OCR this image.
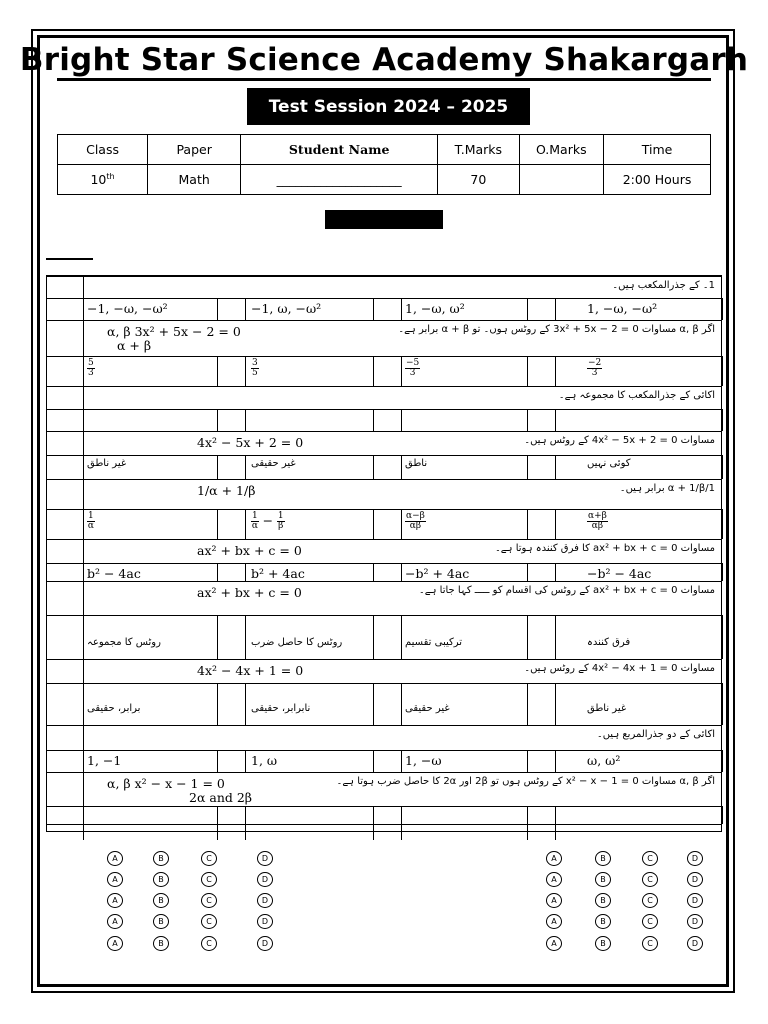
Bright Star Science Academy Shakargarh
Test Session 2024 – 2025
Class	Paper	Student Name	T.Marks	O.Marks	Time
10th	Math	____________________	70		2:00 Hours
1۔ کے جذرالمکعب ہیں۔
−1, −ω, −ω²	−1, ω, −ω²	1, −ω, ω²	1, −ω, −ω²
اگر α, β مساوات 0 = 2 − 3x² + 5x کے روٹس ہوں۔ تو α + β برابر ہے۔
α, β 3x² + 5x − 2 = 0
α + β
$\frac{5}{3}$	$\frac{3}{5}$	$\frac{-5}{3}$	$\frac{-2}{3}$
اکائی کے جذرالمکعب کا مجموعہ ہے۔
مساوات 0 = 2 + 4x² − 5x کے روٹس ہیں۔
4x² − 5x + 2 = 0
غیر ناطق	غیر حقیقی	ناطق	کوئی نہیں
1/α + 1/β برابر ہیں۔
1/α + 1/β
$\frac{1}{\alpha}$	$\frac{1}{\alpha} - \frac{1}{\beta}$	$\frac{\alpha-\beta}{\alpha\beta}$	$\frac{\alpha+\beta}{\alpha\beta}$
مساوات 0 = ax² + bx + c کا فرق کنندہ ہوتا ہے۔
ax² + bx + c = 0
b² − 4ac	b² + 4ac	−b² + 4ac	−b² − 4ac
مساوات 0 = ax² + bx + c کے روٹس کی اقسام کو ـــــ کہا جاتا ہے۔
ax² + bx + c = 0
روٹس کا مجموعہ	روٹس کا حاصل ضرب	ترکیبی تقسیم	فرق کنندہ
مساوات 0 = 1 + 4x² − 4x کے روٹس ہیں۔
4x² − 4x + 1 = 0
برابر، حقیقی	نابرابر، حقیقی	غیر حقیقی	غیر ناطق
اکائی کے دو جذرالمربع ہیں۔
1, −1	1, ω	1, −ω	ω, ω²
اگر α, β مساوات 0 = 1 − x² − x کے روٹس ہوں تو 2β اور 2α کا حاصل ضرب ہوتا ہے۔
α, β x² − x − 1 = 0
2α and 2β
A	B	C	D
A	B	C	D
A	B	C	D
A	B	C	D
A	B	C	D
A	B	C	D
A	B	C	D
A	B	C	D
A	B	C	D
A	B	C	D
